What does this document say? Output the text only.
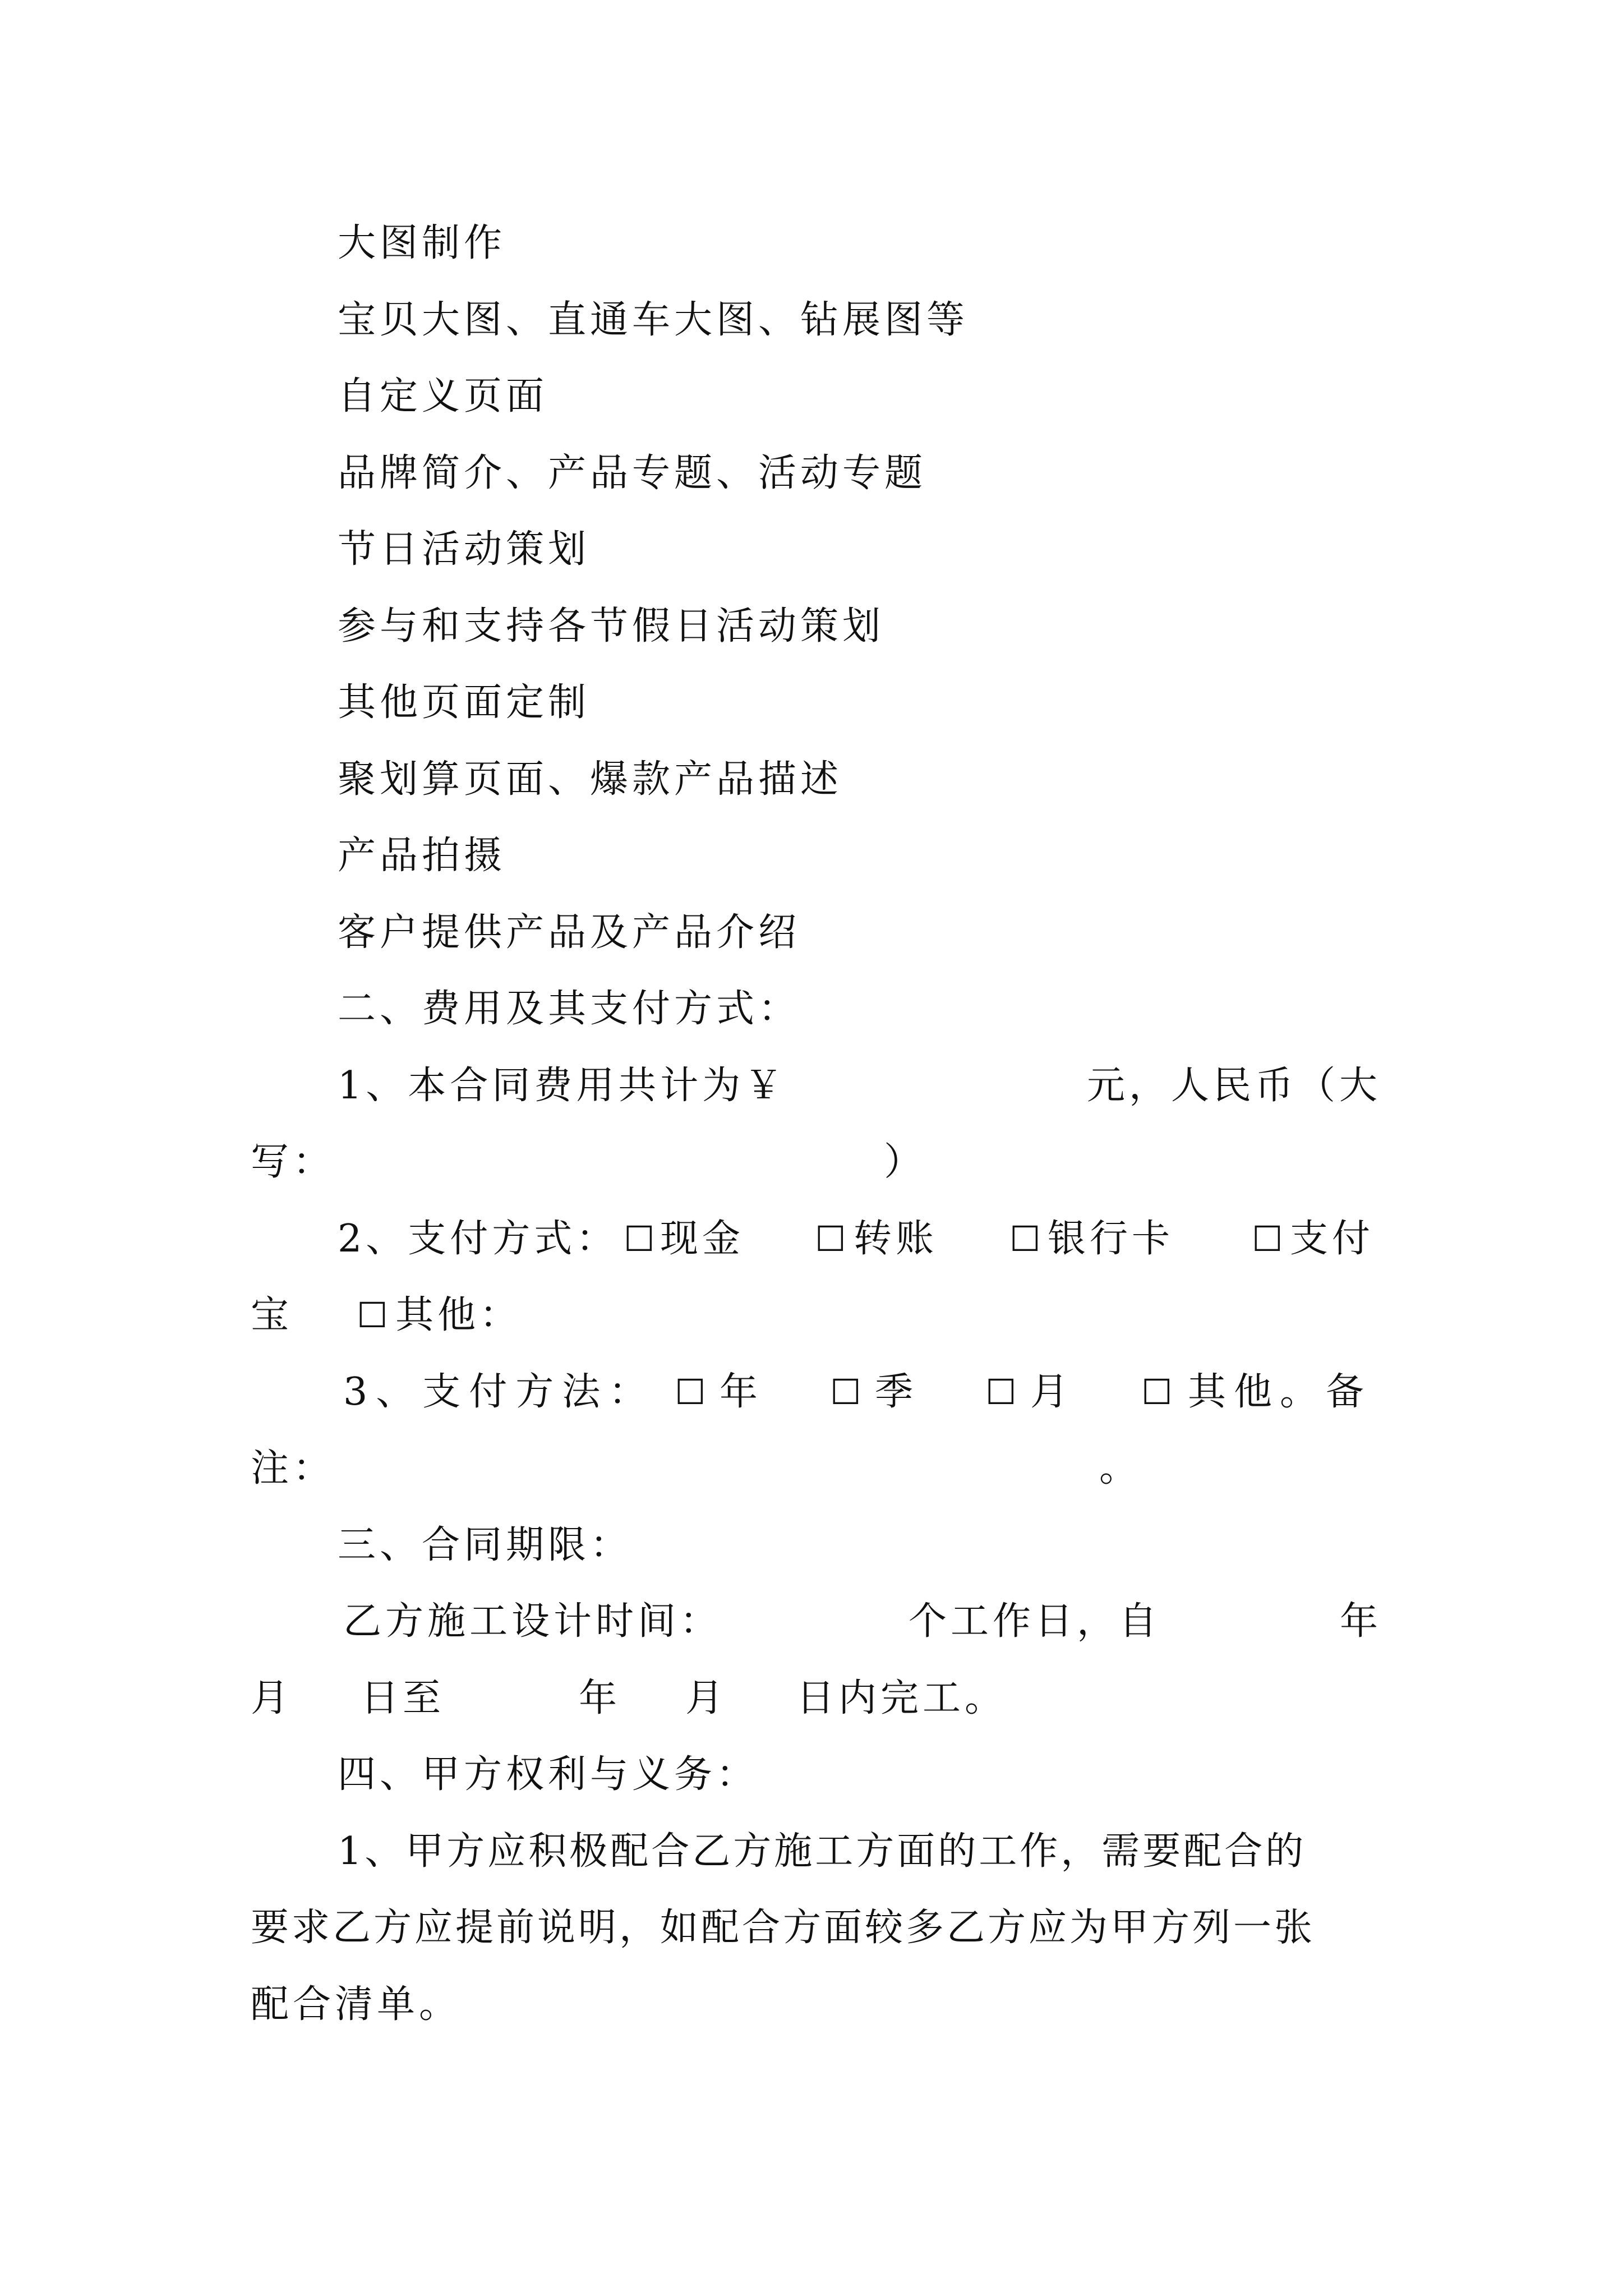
大图制作
宝贝大图、直通车大图、钻展图等
自定义页面
品牌简介、产品专题、活动专题
节日活动策划
参与和支持各节假日活动策划
其他页面定制
聚划算页面、爆款产品描述
产品拍摄
客户提供产品及产品介绍
二、费用及其支付方式：
1、本合同费用共计为￥	元，人民币（大
写：	）
2、支付方式： ☐ 现金 ☐ 转账 ☐ 银行卡 ☐ 支付
宝 ☐ 其他：
3、支付方法： ☐ 年 ☐ 季 ☐ 月 ☐ 其他。备
注：	。
三、合同期限：
乙方施工设计时间：	个工作日，自	年
月 日至	年 月 日内完工。
四、甲方权利与义务：
1、甲方应积极配合乙方施工方面的工作，需要配合的
要求乙方应提前说明，如配合方面较多乙方应为甲方列一张
配合清单。
